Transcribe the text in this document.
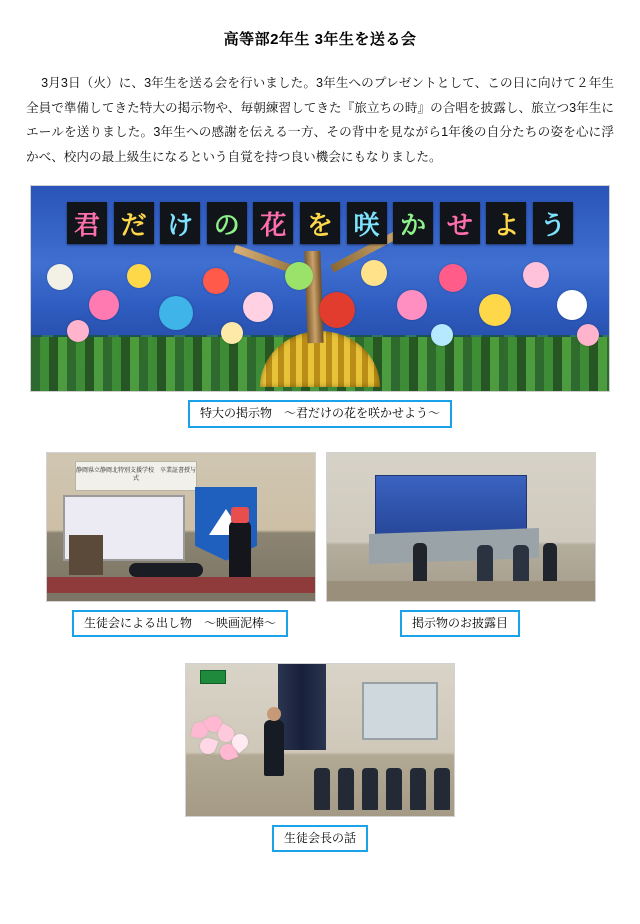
高等部2年生 3年生を送る会
3月3日（火）に、3年生を送る会を行いました。3年生へのプレゼントとして、この日に向けて２年生全員で準備してきた特大の掲示物や、毎朝練習してきた『旅立ちの時』の合唱を披露し、旅立つ3年生にエールを送りました。3年生への感謝を伝える一方、その背中を見ながら1年後の自分たちの姿を心に浮かべ、校内の最上級生になるという自覚を持つ良い機会にもなりました。
君 だ け の 花 を 咲 か せ よ う
特大の掲示物　〜君だけの花を咲かせよう〜
静岡県立静岡北特別支援学校　卒業証書授与式
生徒会による出し物　〜映画泥棒〜	掲示物のお披露目
生徒会長の話
